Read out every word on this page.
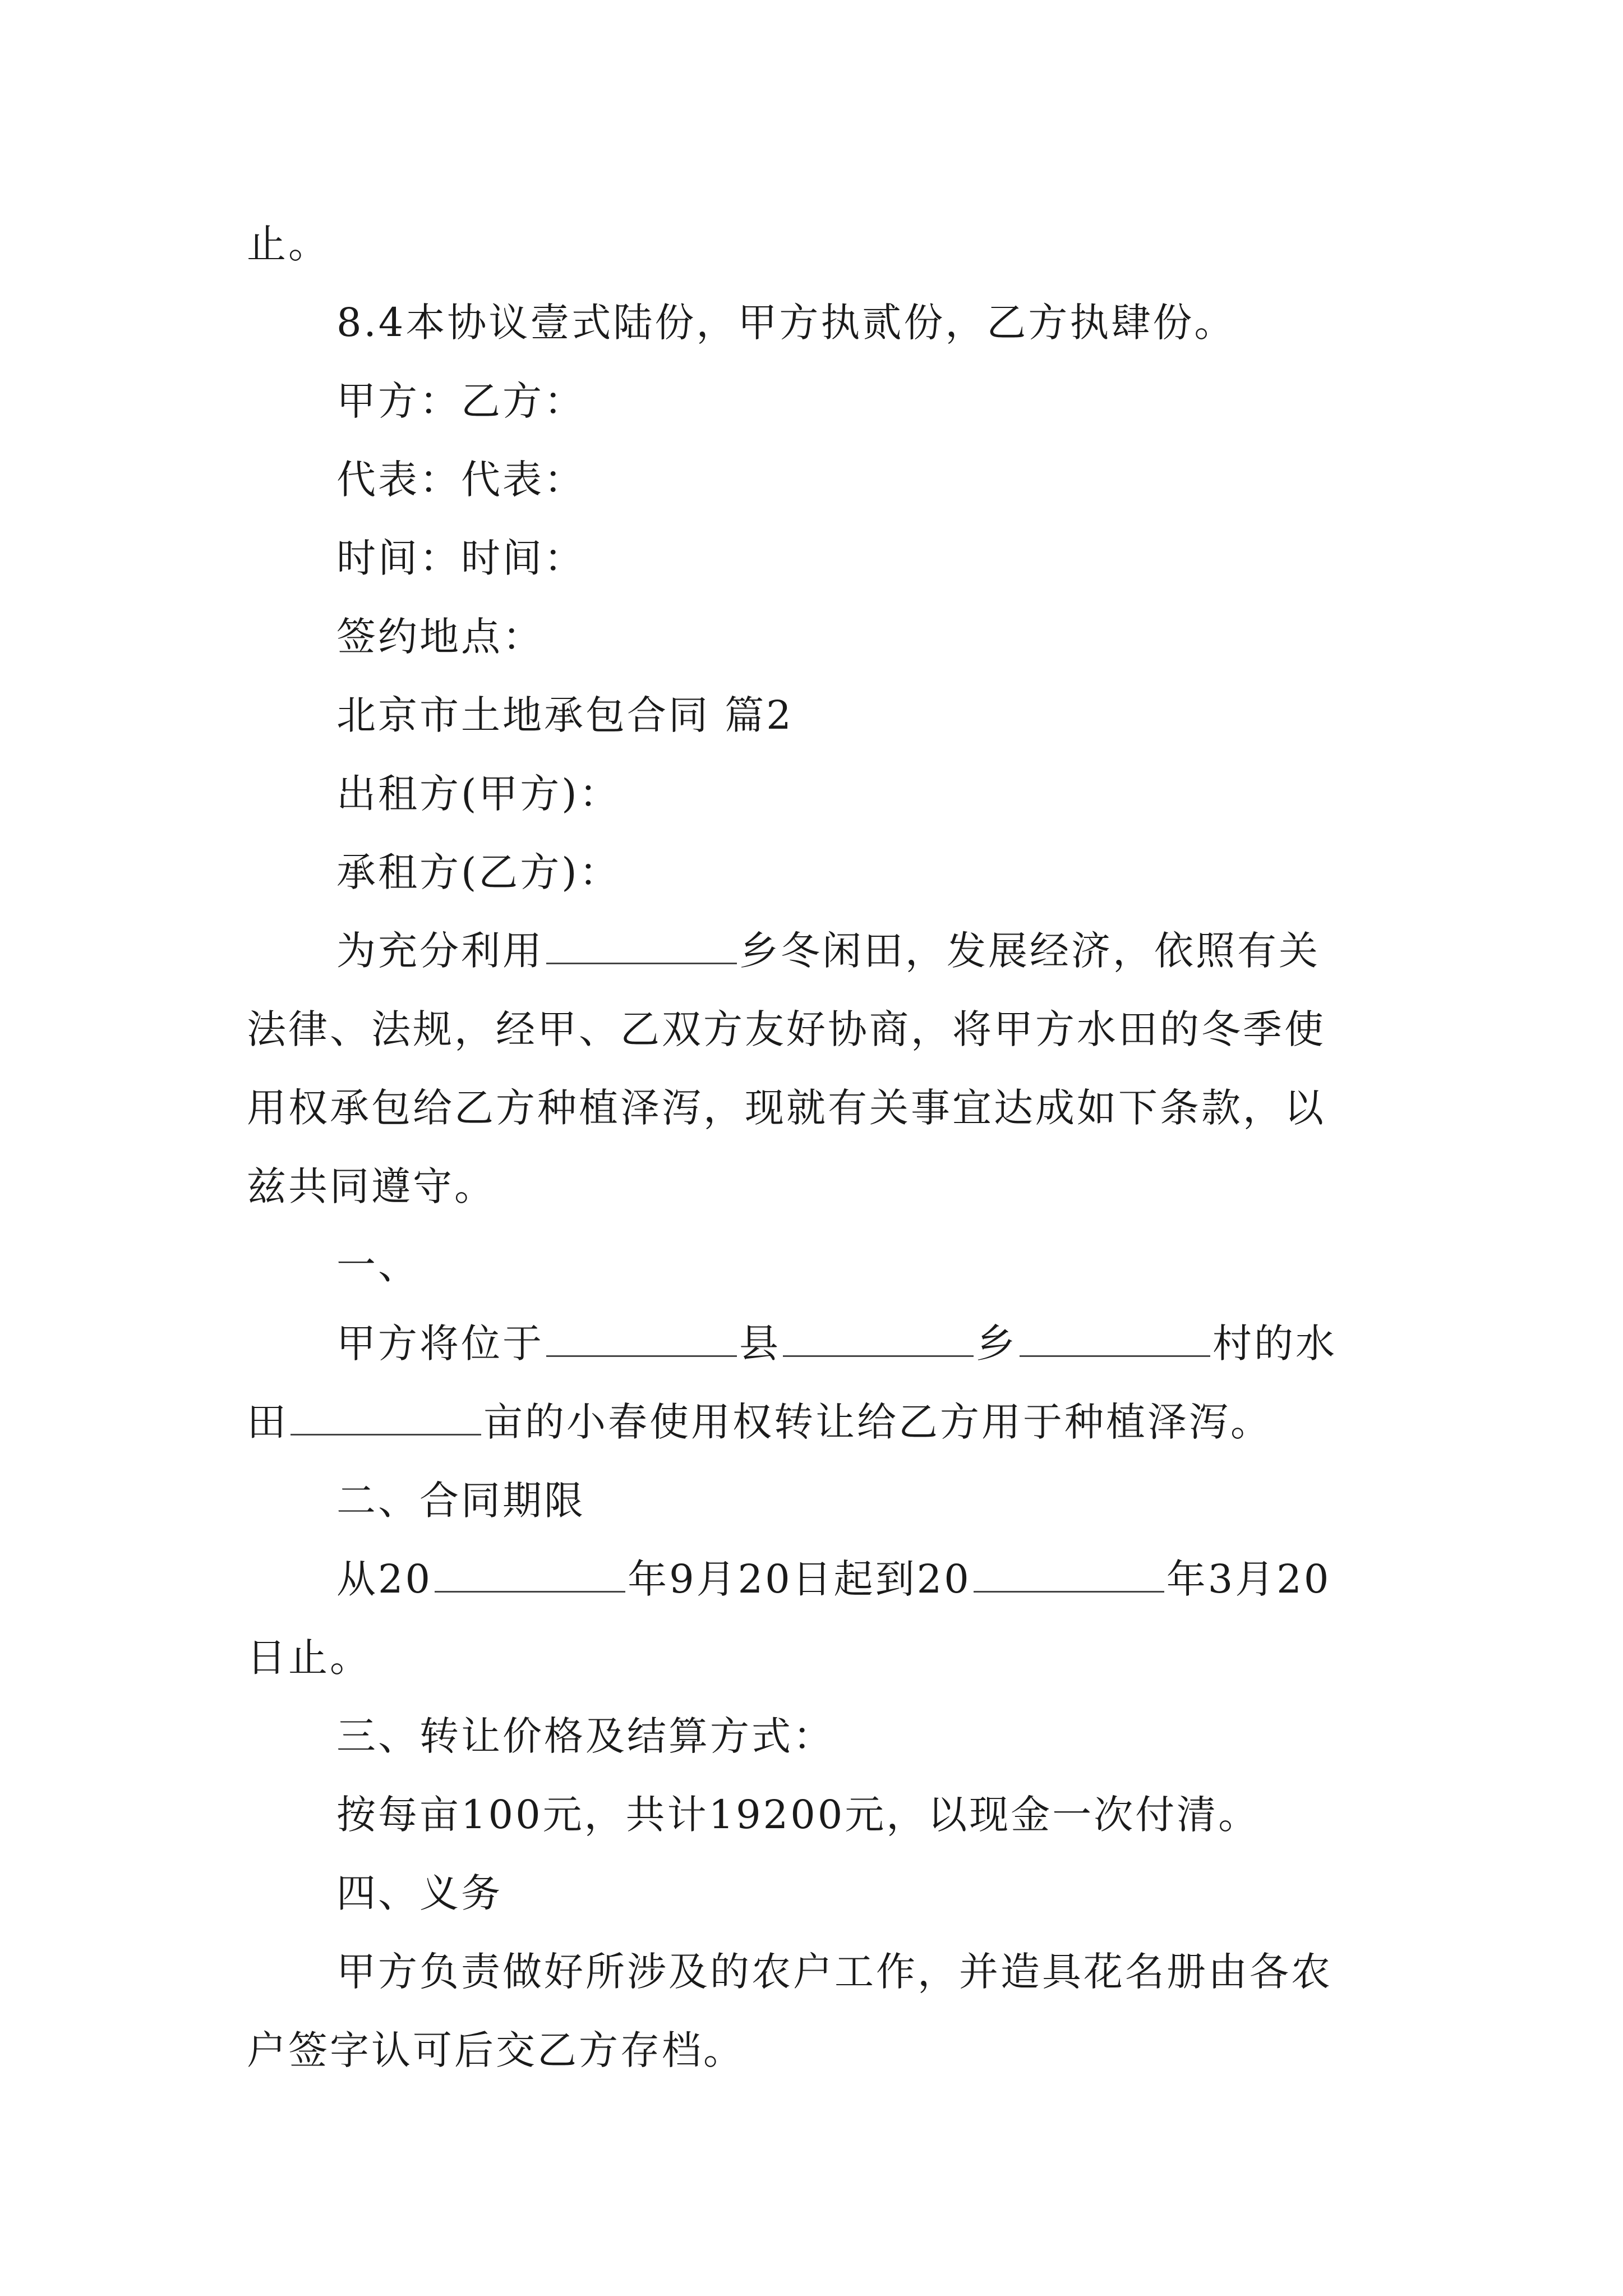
止。
8.4本协议壹式陆份，甲方执贰份，乙方执肆份。
甲方：乙方：
代表：代表：
时间：时间：
签约地点：
北京市土地承包合同 篇2
出租方(甲方)：
承租方(乙方)：
为充分利用	乡冬闲田，发展经济，依照有关
法律、法规，经甲、乙双方友好协商，将甲方水田的冬季使
用权承包给乙方种植泽泻，现就有关事宜达成如下条款，以
兹共同遵守。
一、
甲方将位于	县	乡	村的水
田	亩的小春使用权转让给乙方用于种植泽泻。
二、合同期限
从20	年9月20日起到20	年3月20
日止。
三、转让价格及结算方式：
按每亩100元，共计19200元，以现金一次付清。
四、义务
甲方负责做好所涉及的农户工作，并造具花名册由各农
户签字认可后交乙方存档。
